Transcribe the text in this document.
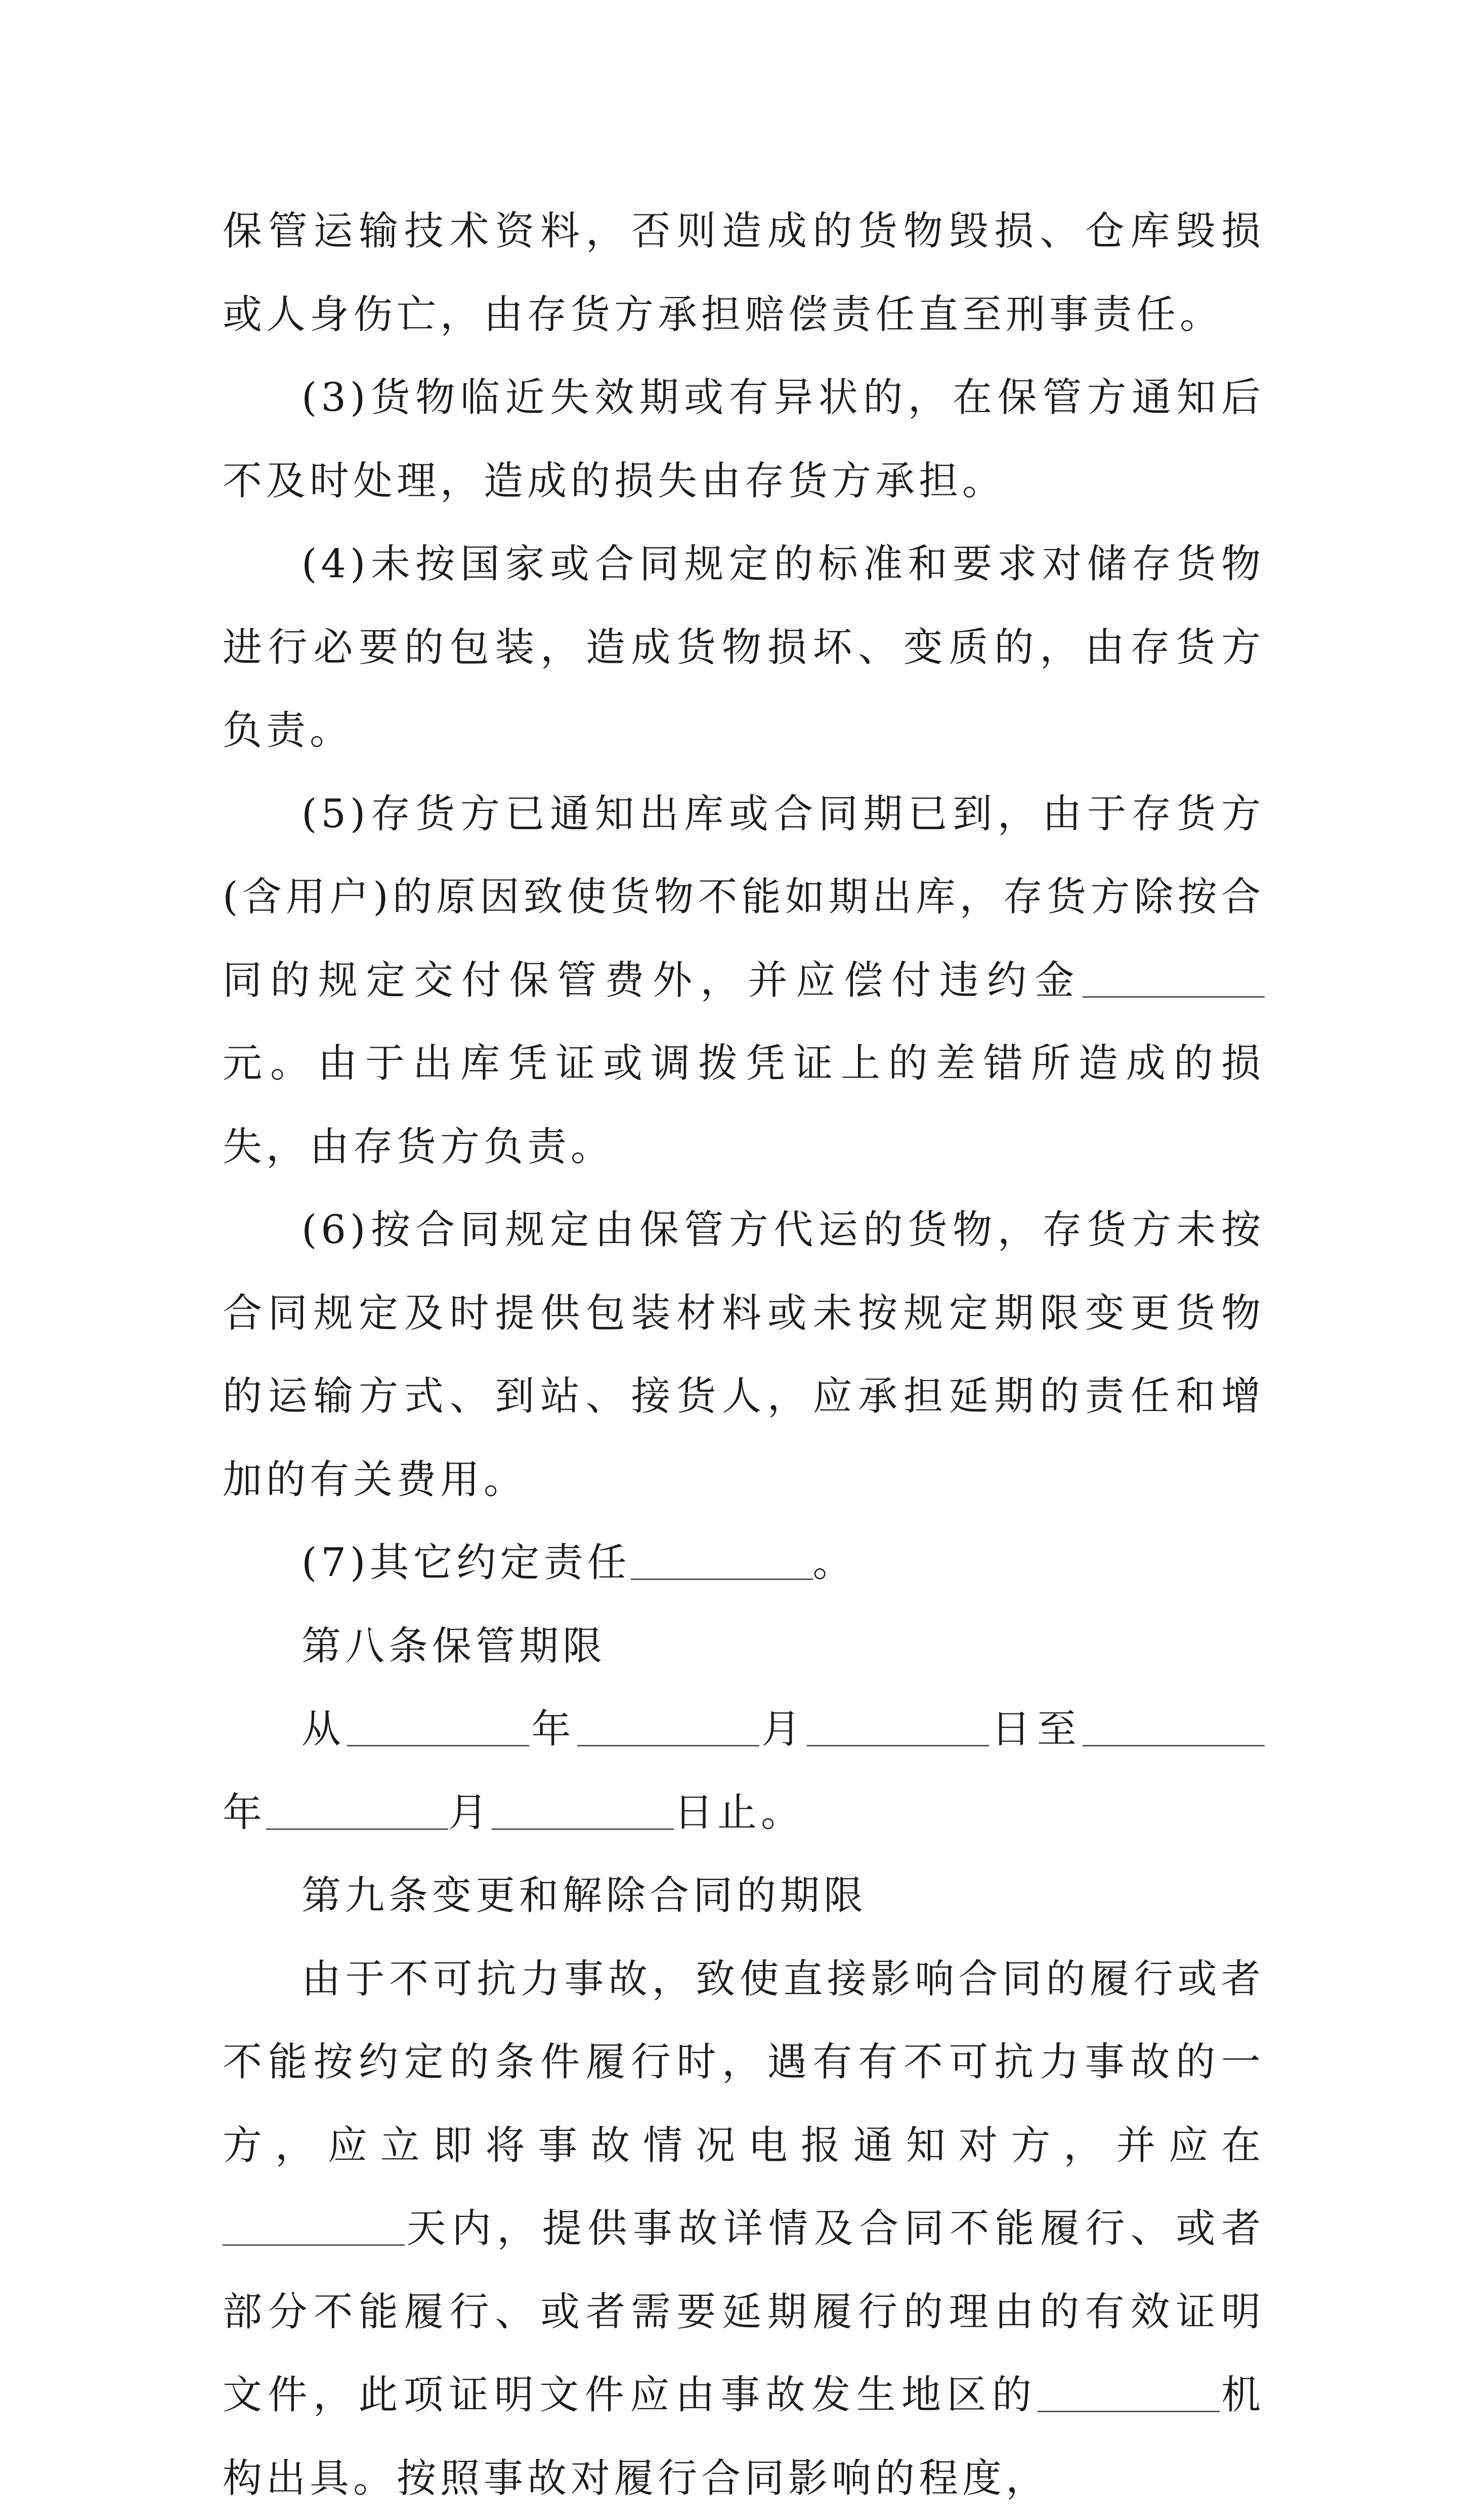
保管运输技术资料，否则造成的货物毁损、仓库毁损或人身伤亡，由存货方承担赔偿责任直至刑事责任。

(3)货物临近失效期或有异状的，在保管方通知后不及时处理，造成的损失由存货方承担。

(4)未按国家或合同规定的标准和要求对储存货物进行必要的包装，造成货物损坏、变质的，由存货方负责。

(5)存货方已通知出库或合同期已到，由于存货方(含用户)的原因致使货物不能如期出库，存货方除按合同的规定交付保管费外，并应偿付违约金元。由于出库凭证或调拨凭证上的差错所造成的损失，由存货方负责。

(6)按合同规定由保管方代运的货物，存货方未按合同规定及时提供包装材料或未按规定期限变更货物的运输方式、到站、接货人，应承担延期的责任和增加的有关费用。

(7)其它约定责任	。

第八条保管期限

从	年	月	日至年	月	日止。

第九条变更和解除合同的期限

由于不可抗力事故，致使直接影响合同的履行或者不能按约定的条件履行时，遇有有不可抗力事故的一方，应立即将事故情况电报通知对方，并应在天内，提供事故详情及合同不能履行、或者部分不能履行、或者需要延期履行的理由的有效证明文件，此项证明文件应由事故发生地区的	机构出具。按照事故对履行合同影响的程度，
